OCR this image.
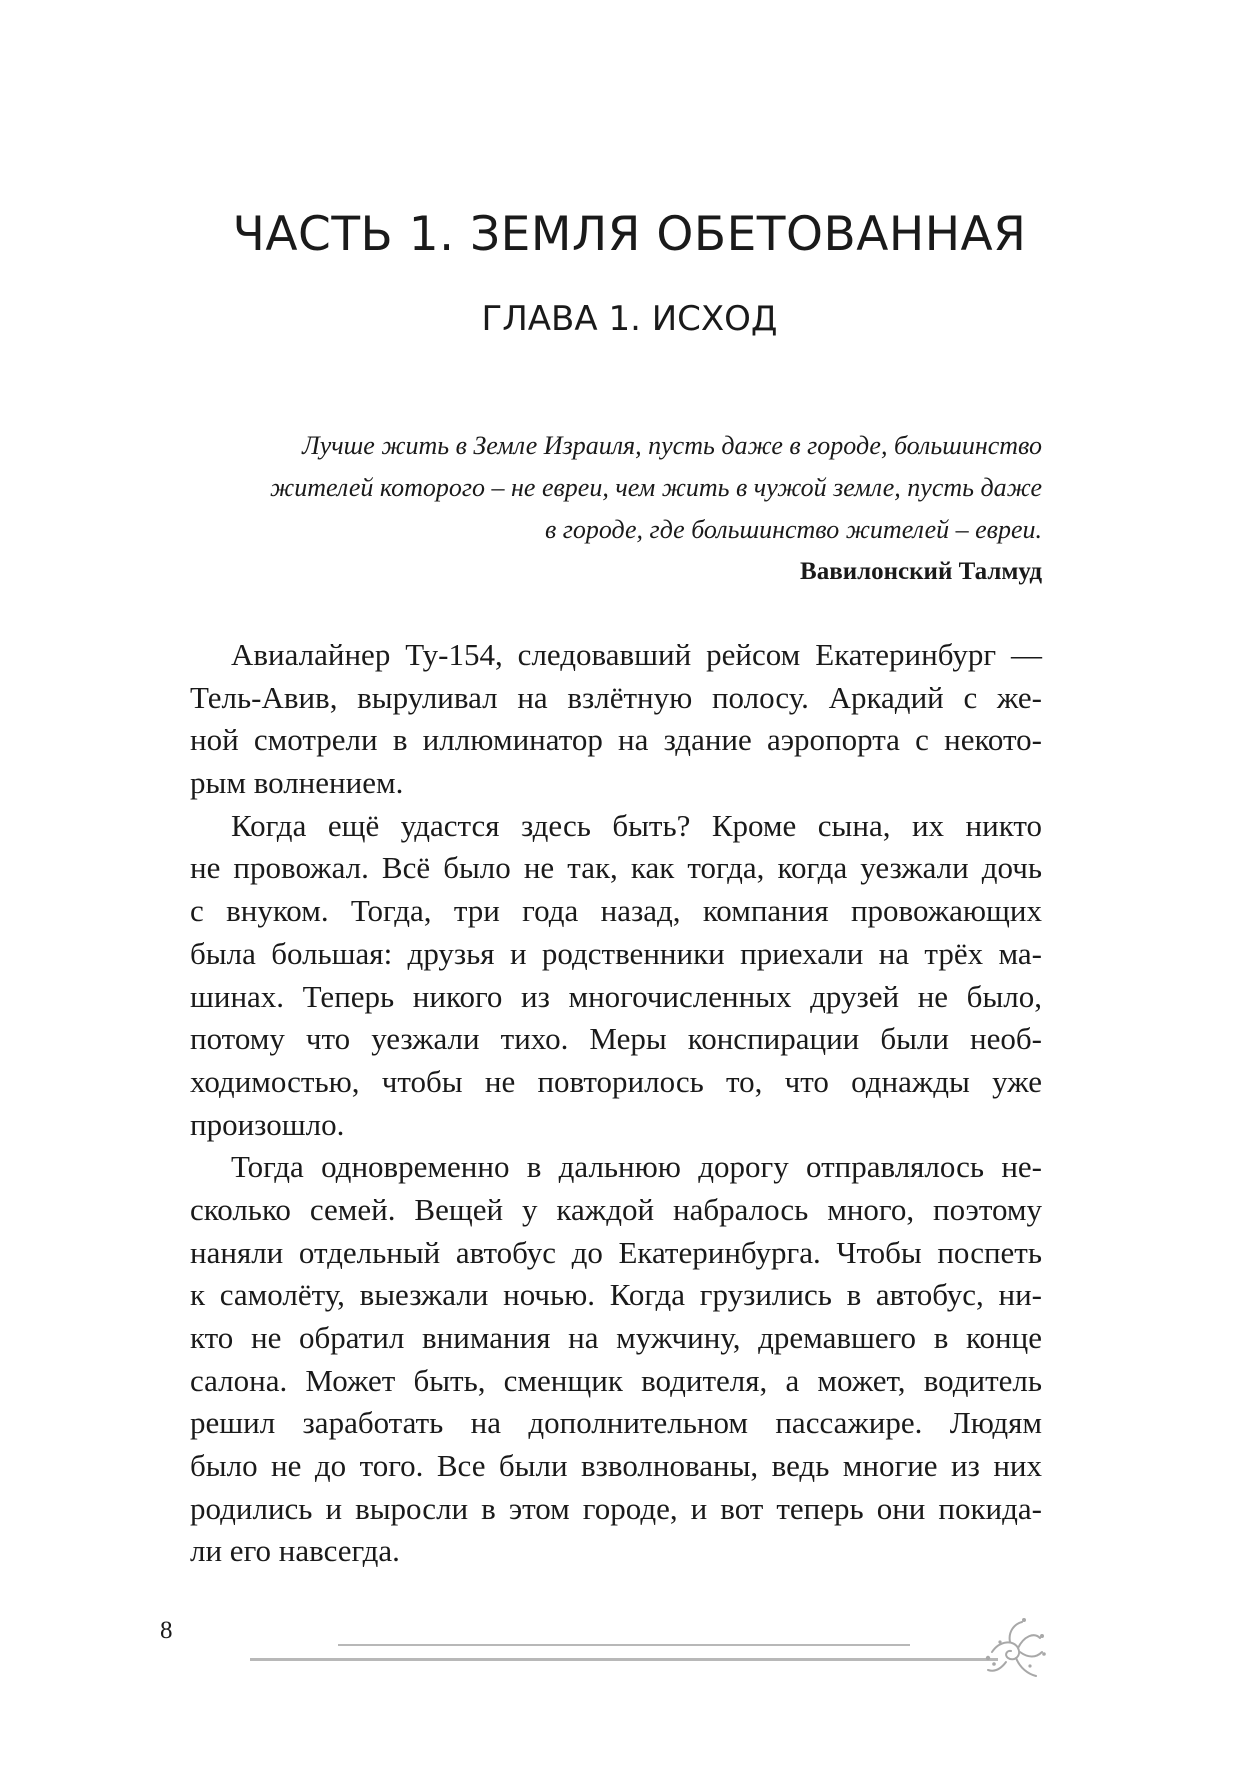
ЧАСТЬ 1. ЗЕМЛЯ ОБЕТОВАННАЯ
ГЛАВА 1. ИСХОД
Лучше жить в Земле Израиля, пусть даже в городе, большинство
жителей которого – не евреи, чем жить в чужой земле, пусть даже
в городе, где большинство жителей – евреи.
Вавилонский Талмуд
Авиалайнер Ту-154, следовавший рейсом Екатеринбург —
Тель-Авив, выруливал на взлётную полосу. Аркадий с же-
ной смотрели в иллюминатор на здание аэропорта с некото-
рым волнением.
Когда ещё удастся здесь быть? Кроме сына, их никто
не провожал. Всё было не так, как тогда, когда уезжали дочь
с внуком. Тогда, три года назад, компания провожающих
была большая: друзья и родственники приехали на трёх ма-
шинах. Теперь никого из многочисленных друзей не было,
потому что уезжали тихо. Меры конспирации были необ-
ходимостью, чтобы не повторилось то, что однажды уже
произошло.
Тогда одновременно в дальнюю дорогу отправлялось не-
сколько семей. Вещей у каждой набралось много, поэтому
наняли отдельный автобус до Екатеринбурга. Чтобы поспеть
к самолёту, выезжали ночью. Когда грузились в автобус, ни-
кто не обратил внимания на мужчину, дремавшего в конце
салона. Может быть, сменщик водителя, а может, водитель
решил заработать на дополнительном пассажире. Людям
было не до того. Все были взволнованы, ведь многие из них
родились и выросли в этом городе, и вот теперь они покида-
ли его навсегда.
8
